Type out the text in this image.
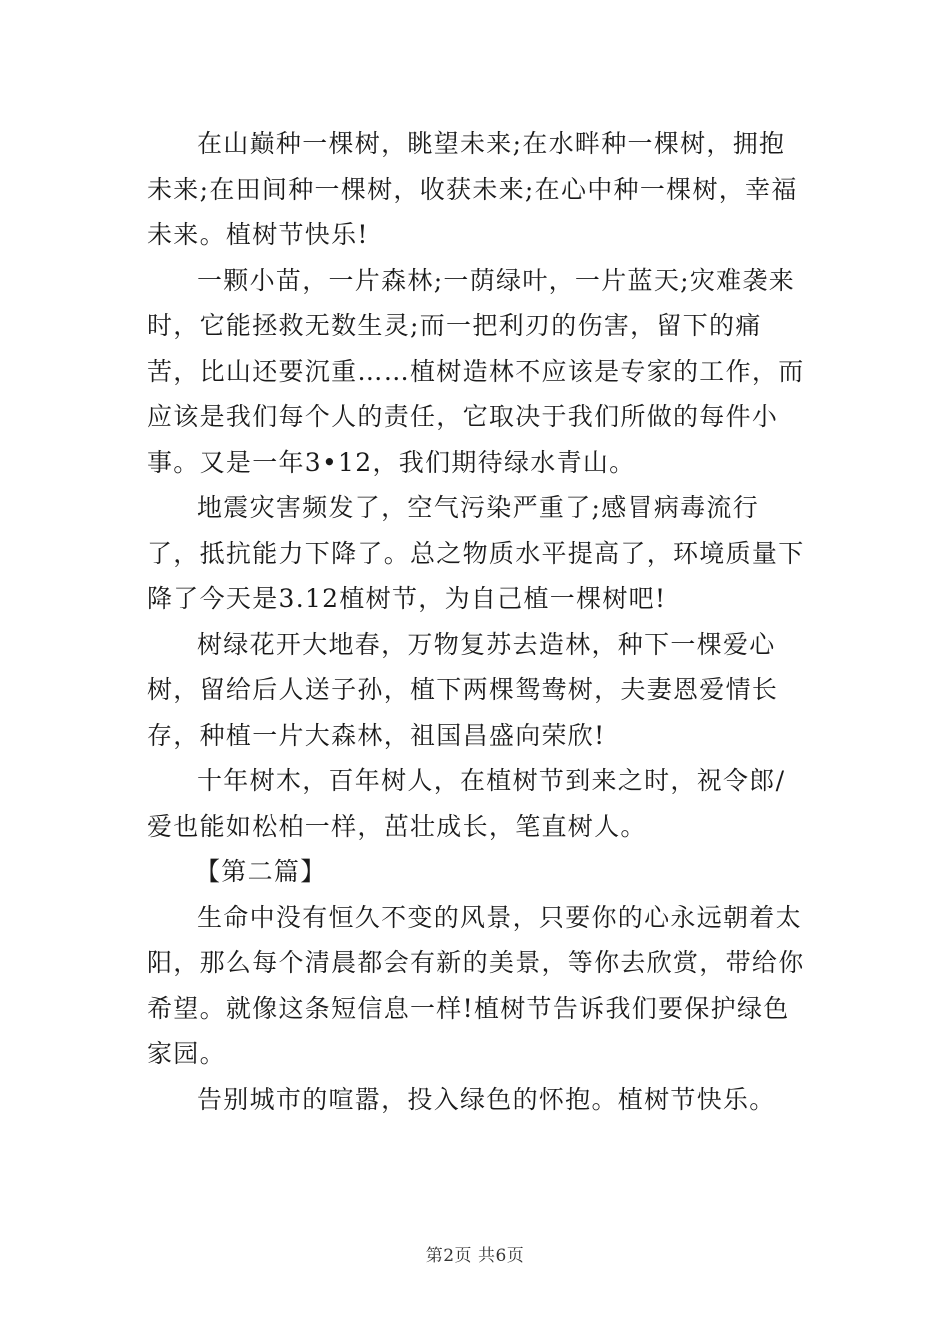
在山巅种一棵树，眺望未来;在水畔种一棵树，拥抱未来;在田间种一棵树，收获未来;在心中种一棵树，幸福未来。植树节快乐!

一颗小苗，一片森林;一荫绿叶，一片蓝天;灾难袭来时，它能拯救无数生灵;而一把利刃的伤害，留下的痛苦，比山还要沉重……植树造林不应该是专家的工作，而应该是我们每个人的责任，它取决于我们所做的每件小事。又是一年3•12，我们期待绿水青山。

地震灾害频发了，空气污染严重了;感冒病毒流行了，抵抗能力下降了。总之物质水平提高了，环境质量下降了今天是3.12植树节，为自己植一棵树吧!

树绿花开大地春，万物复苏去造林，种下一棵爱心树，留给后人送子孙，植下两棵鸳鸯树，夫妻恩爱情长存，种植一片大森林，祖国昌盛向荣欣!

十年树木，百年树人，在植树节到来之时，祝令郎/爱也能如松柏一样，茁壮成长，笔直树人。

【第二篇】

生命中没有恒久不变的风景，只要你的心永远朝着太阳，那么每个清晨都会有新的美景，等你去欣赏，带给你希望。就像这条短信息一样!植树节告诉我们要保护绿色家园。

告别城市的喧嚣，投入绿色的怀抱。植树节快乐。

第2页 共6页
